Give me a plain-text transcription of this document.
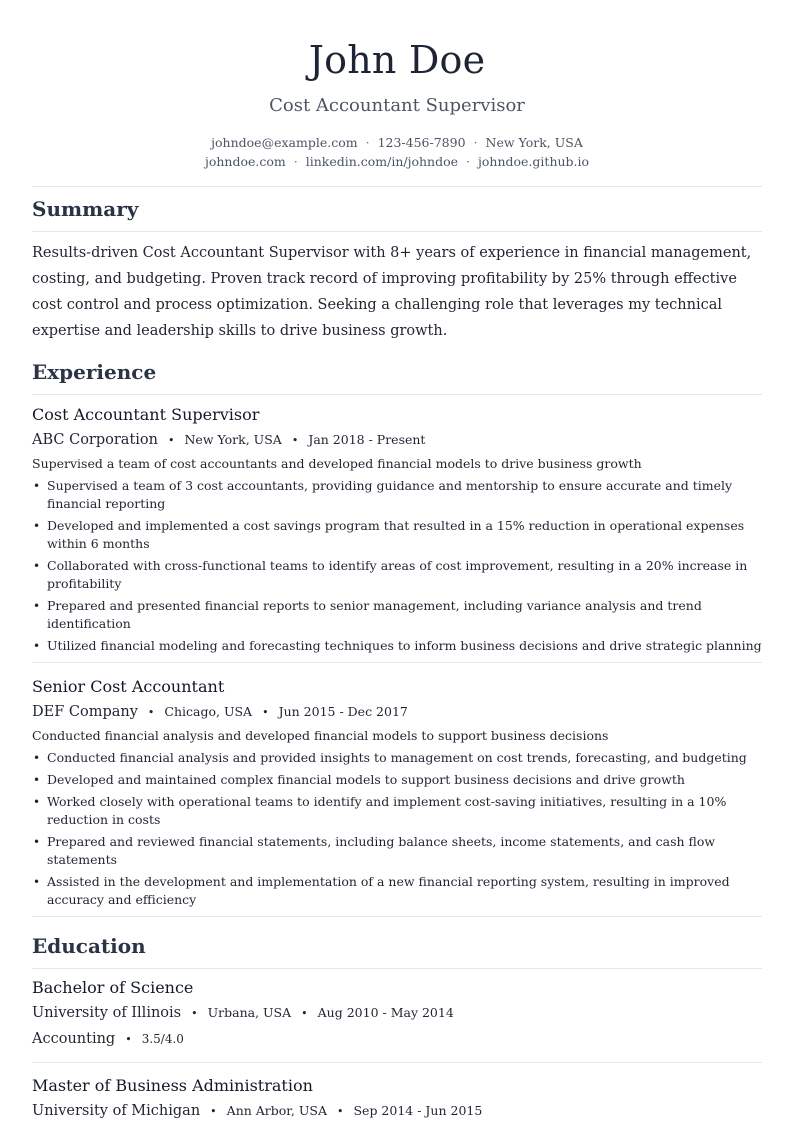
John Doe
Cost Accountant Supervisor
johndoe@example.com · 123-456-7890 · New York, USA
johndoe.com · linkedin.com/in/johndoe · johndoe.github.io
Summary

Results-driven Cost Accountant Supervisor with 8+ years of experience in financial management, costing, and budgeting. Proven track record of improving profitability by 25% through effective cost control and process optimization. Seeking a challenging role that leverages my technical expertise and leadership skills to drive business growth.

Experience
Cost Accountant Supervisor
ABC Corporation • New York, USA • Jan 2018 - Present
Supervised a team of cost accountants and developed financial models to drive business growth
• Supervised a team of 3 cost accountants, providing guidance and mentorship to ensure accurate and timely financial reporting
• Developed and implemented a cost savings program that resulted in a 15% reduction in operational expenses within 6 months
• Collaborated with cross-functional teams to identify areas of cost improvement, resulting in a 20% increase in profitability
• Prepared and presented financial reports to senior management, including variance analysis and trend identification
• Utilized financial modeling and forecasting techniques to inform business decisions and drive strategic planning
Senior Cost Accountant
DEF Company • Chicago, USA • Jun 2015 - Dec 2017
Conducted financial analysis and developed financial models to support business decisions
• Conducted financial analysis and provided insights to management on cost trends, forecasting, and budgeting
• Developed and maintained complex financial models to support business decisions and drive growth
• Worked closely with operational teams to identify and implement cost-saving initiatives, resulting in a 10% reduction in costs
• Prepared and reviewed financial statements, including balance sheets, income statements, and cash flow statements
• Assisted in the development and implementation of a new financial reporting system, resulting in improved accuracy and efficiency
Education
Bachelor of Science
University of Illinois • Urbana, USA • Aug 2010 - May 2014
Accounting • 3.5/4.0
Master of Business Administration
University of Michigan • Ann Arbor, USA • Sep 2014 - Jun 2015
